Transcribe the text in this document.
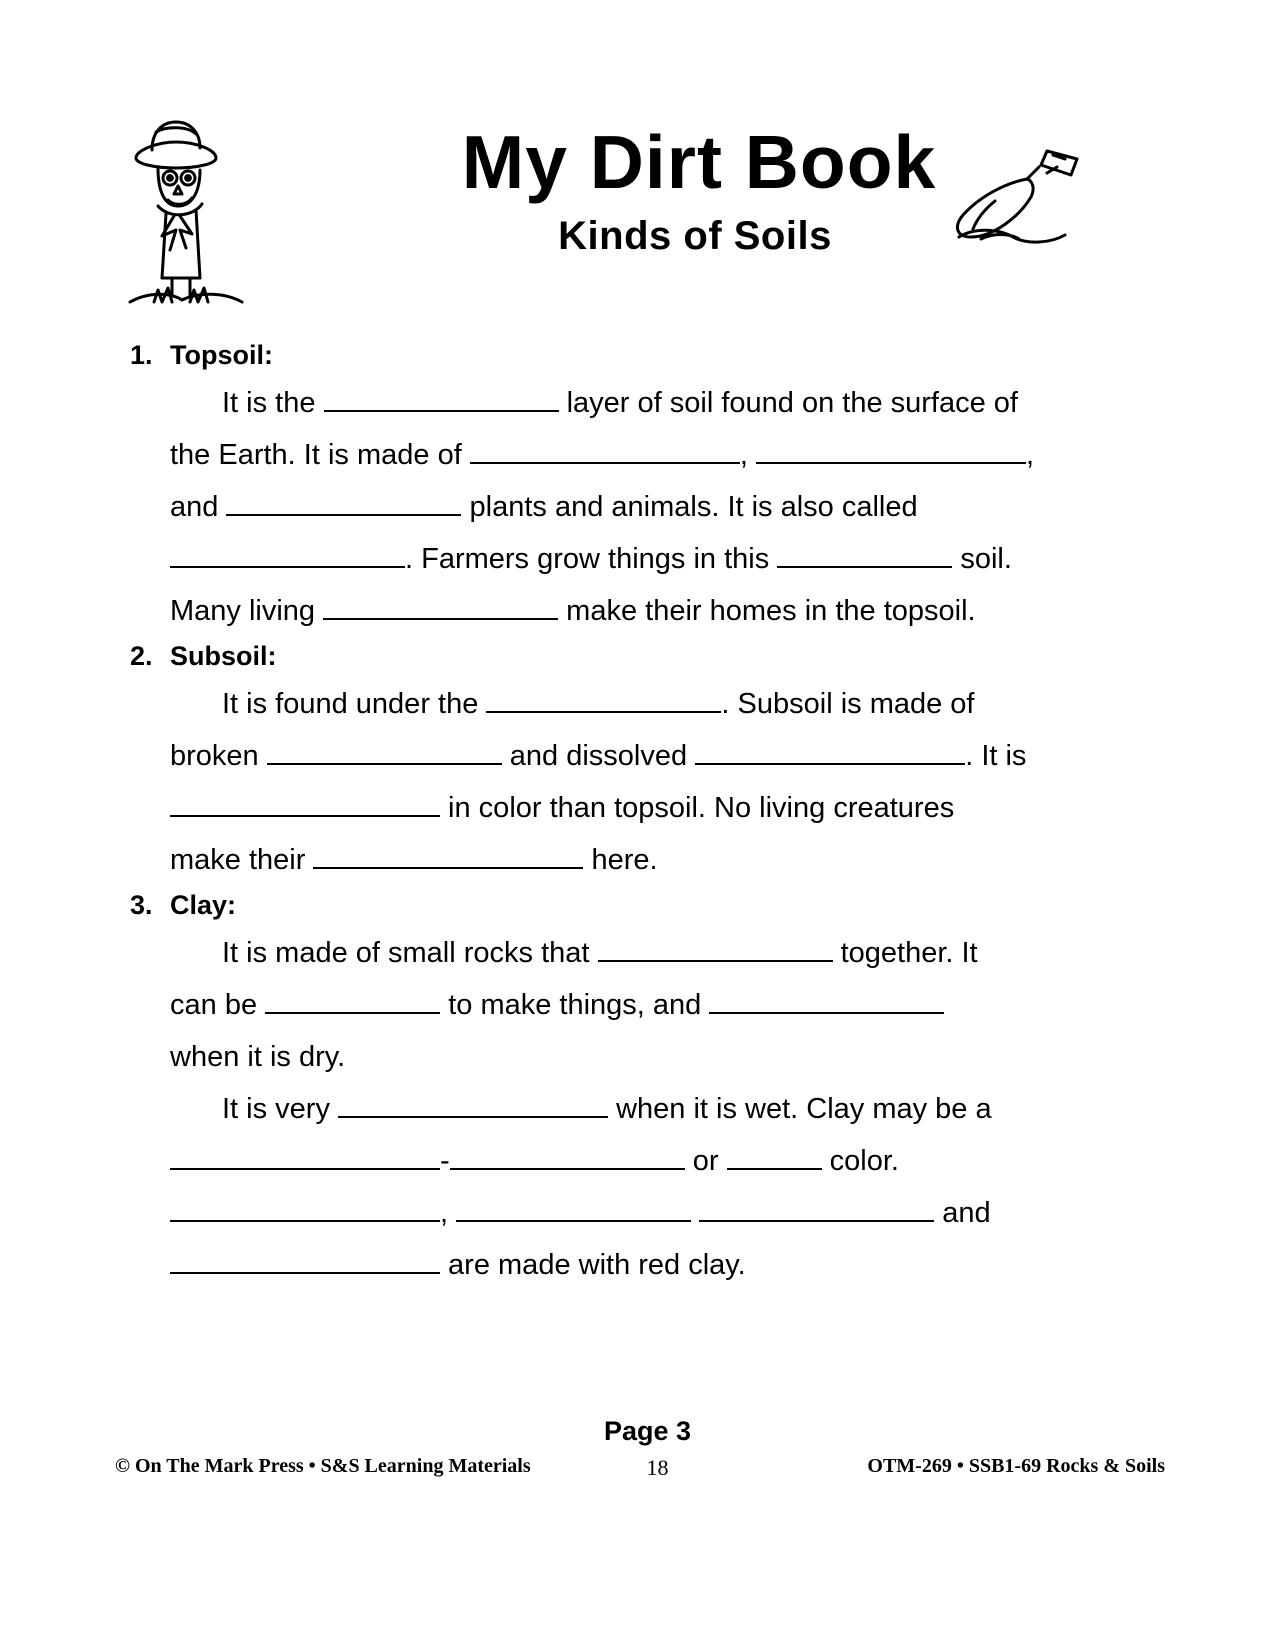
My Dirt Book
Kinds of Soils
1. Topsoil:
It is the	layer of soil found on the surface of
the Earth. It is made of	,	,
and	plants and animals. It is also called
. Farmers grow things in this	soil.
Many living	make their homes in the topsoil.
2. Subsoil:
It is found under the	. Subsoil is made of
broken	and dissolved	. It is
in color than topsoil. No living creatures
make their	here.
3. Clay:
It is made of small rocks that	together. It
can be	to make things, and
when it is dry.
It is very	when it is wet. Clay may be a
-	or	color.
,	and
are made with red clay.
Page 3
© On The Mark Press • S&S Learning Materials	18	OTM-269 • SSB1-69 Rocks & Soils
